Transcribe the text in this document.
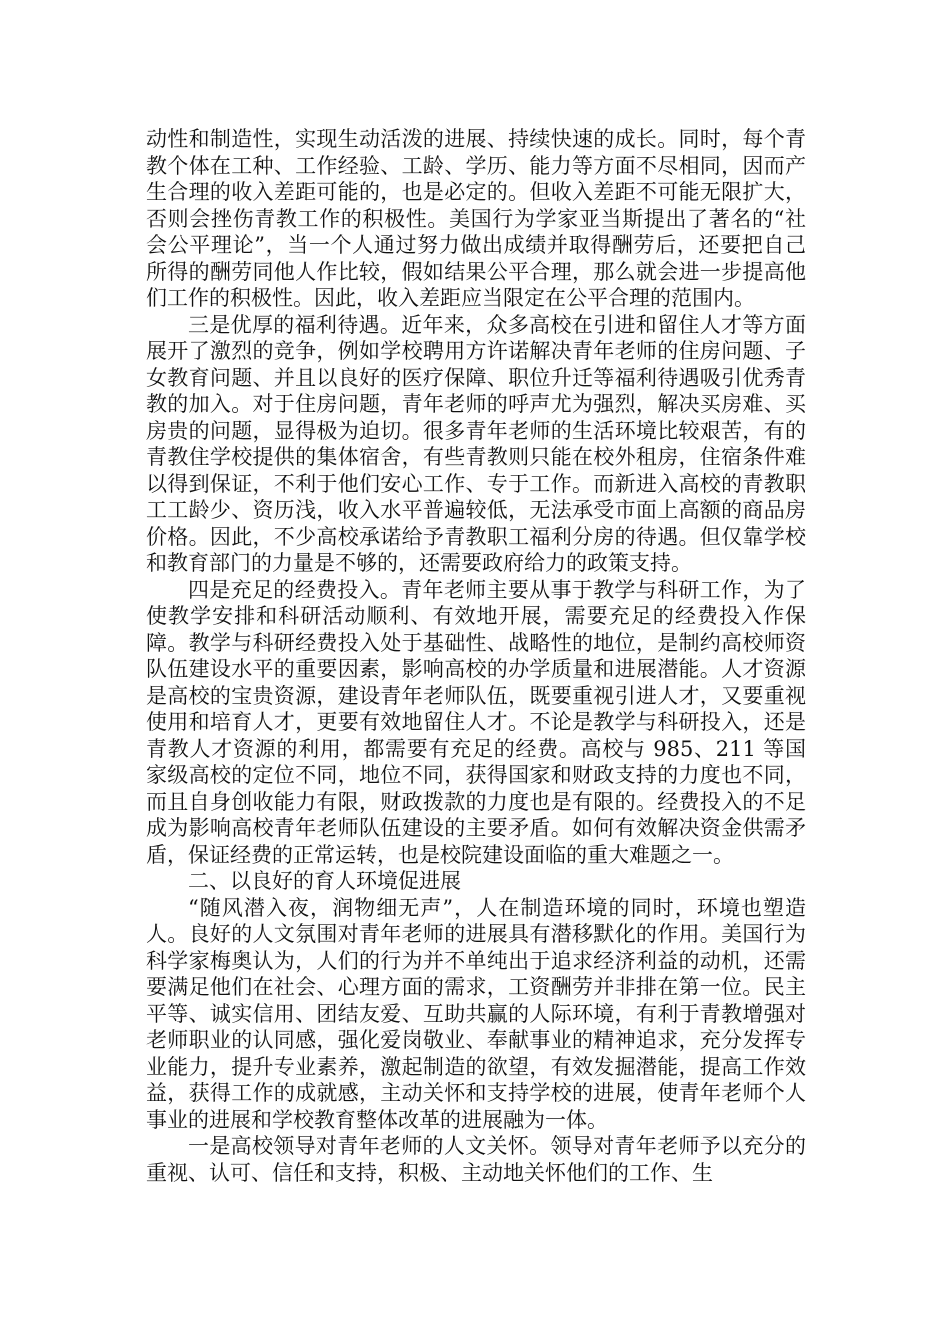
动性和制造性，实现生动活泼的进展、持续快速的成长。同时，每个青教个体在工种、工作经验、工龄、学历、能力等方面不尽相同，因而产生合理的收入差距可能的，也是必定的。但收入差距不可能无限扩大，否则会挫伤青教工作的积极性。美国行为学家亚当斯提出了著名的“社会公平理论”，当一个人通过努力做出成绩并取得酬劳后，还要把自己所得的酬劳同他人作比较，假如结果公平合理，那么就会进一步提高他们工作的积极性。因此，收入差距应当限定在公平合理的范围内。

三是优厚的福利待遇。近年来，众多高校在引进和留住人才等方面展开了激烈的竞争，例如学校聘用方许诺解决青年老师的住房问题、子女教育问题、并且以良好的医疗保障、职位升迁等福利待遇吸引优秀青教的加入。对于住房问题，青年老师的呼声尤为强烈，解决买房难、买房贵的问题，显得极为迫切。很多青年老师的生活环境比较艰苦，有的青教住学校提供的集体宿舍，有些青教则只能在校外租房，住宿条件难以得到保证，不利于他们安心工作、专于工作。而新进入高校的青教职工工龄少、资历浅，收入水平普遍较低，无法承受市面上高额的商品房价格。因此，不少高校承诺给予青教职工福利分房的待遇。但仅靠学校和教育部门的力量是不够的，还需要政府给力的政策支持。

四是充足的经费投入。青年老师主要从事于教学与科研工作，为了使教学安排和科研活动顺利、有效地开展，需要充足的经费投入作保障。教学与科研经费投入处于基础性、战略性的地位，是制约高校师资队伍建设水平的重要因素，影响高校的办学质量和进展潜能。人才资源是高校的宝贵资源，建设青年老师队伍，既要重视引进人才，又要重视使用和培育人才，更要有效地留住人才。不论是教学与科研投入，还是青教人才资源的利用，都需要有充足的经费。高校与 985、211 等国家级高校的定位不同，地位不同，获得国家和财政支持的力度也不同，而且自身创收能力有限，财政拨款的力度也是有限的。经费投入的不足成为影响高校青年老师队伍建设的主要矛盾。如何有效解决资金供需矛盾，保证经费的正常运转，也是校院建设面临的重大难题之一。

二、以良好的育人环境促进展

“随风潜入夜，润物细无声”，人在制造环境的同时，环境也塑造人。良好的人文氛围对青年老师的进展具有潜移默化的作用。美国行为科学家梅奥认为，人们的行为并不单纯出于追求经济利益的动机，还需要满足他们在社会、心理方面的需求，工资酬劳并非排在第一位。民主平等、诚实信用、团结友爱、互助共赢的人际环境，有利于青教增强对老师职业的认同感，强化爱岗敬业、奉献事业的精神追求，充分发挥专业能力，提升专业素养，激起制造的欲望，有效发掘潜能，提高工作效益，获得工作的成就感，主动关怀和支持学校的进展，使青年老师个人事业的进展和学校教育整体改革的进展融为一体。

一是高校领导对青年老师的人文关怀。领导对青年老师予以充分的重视、认可、信任和支持，积极、主动地关怀他们的工作、生
